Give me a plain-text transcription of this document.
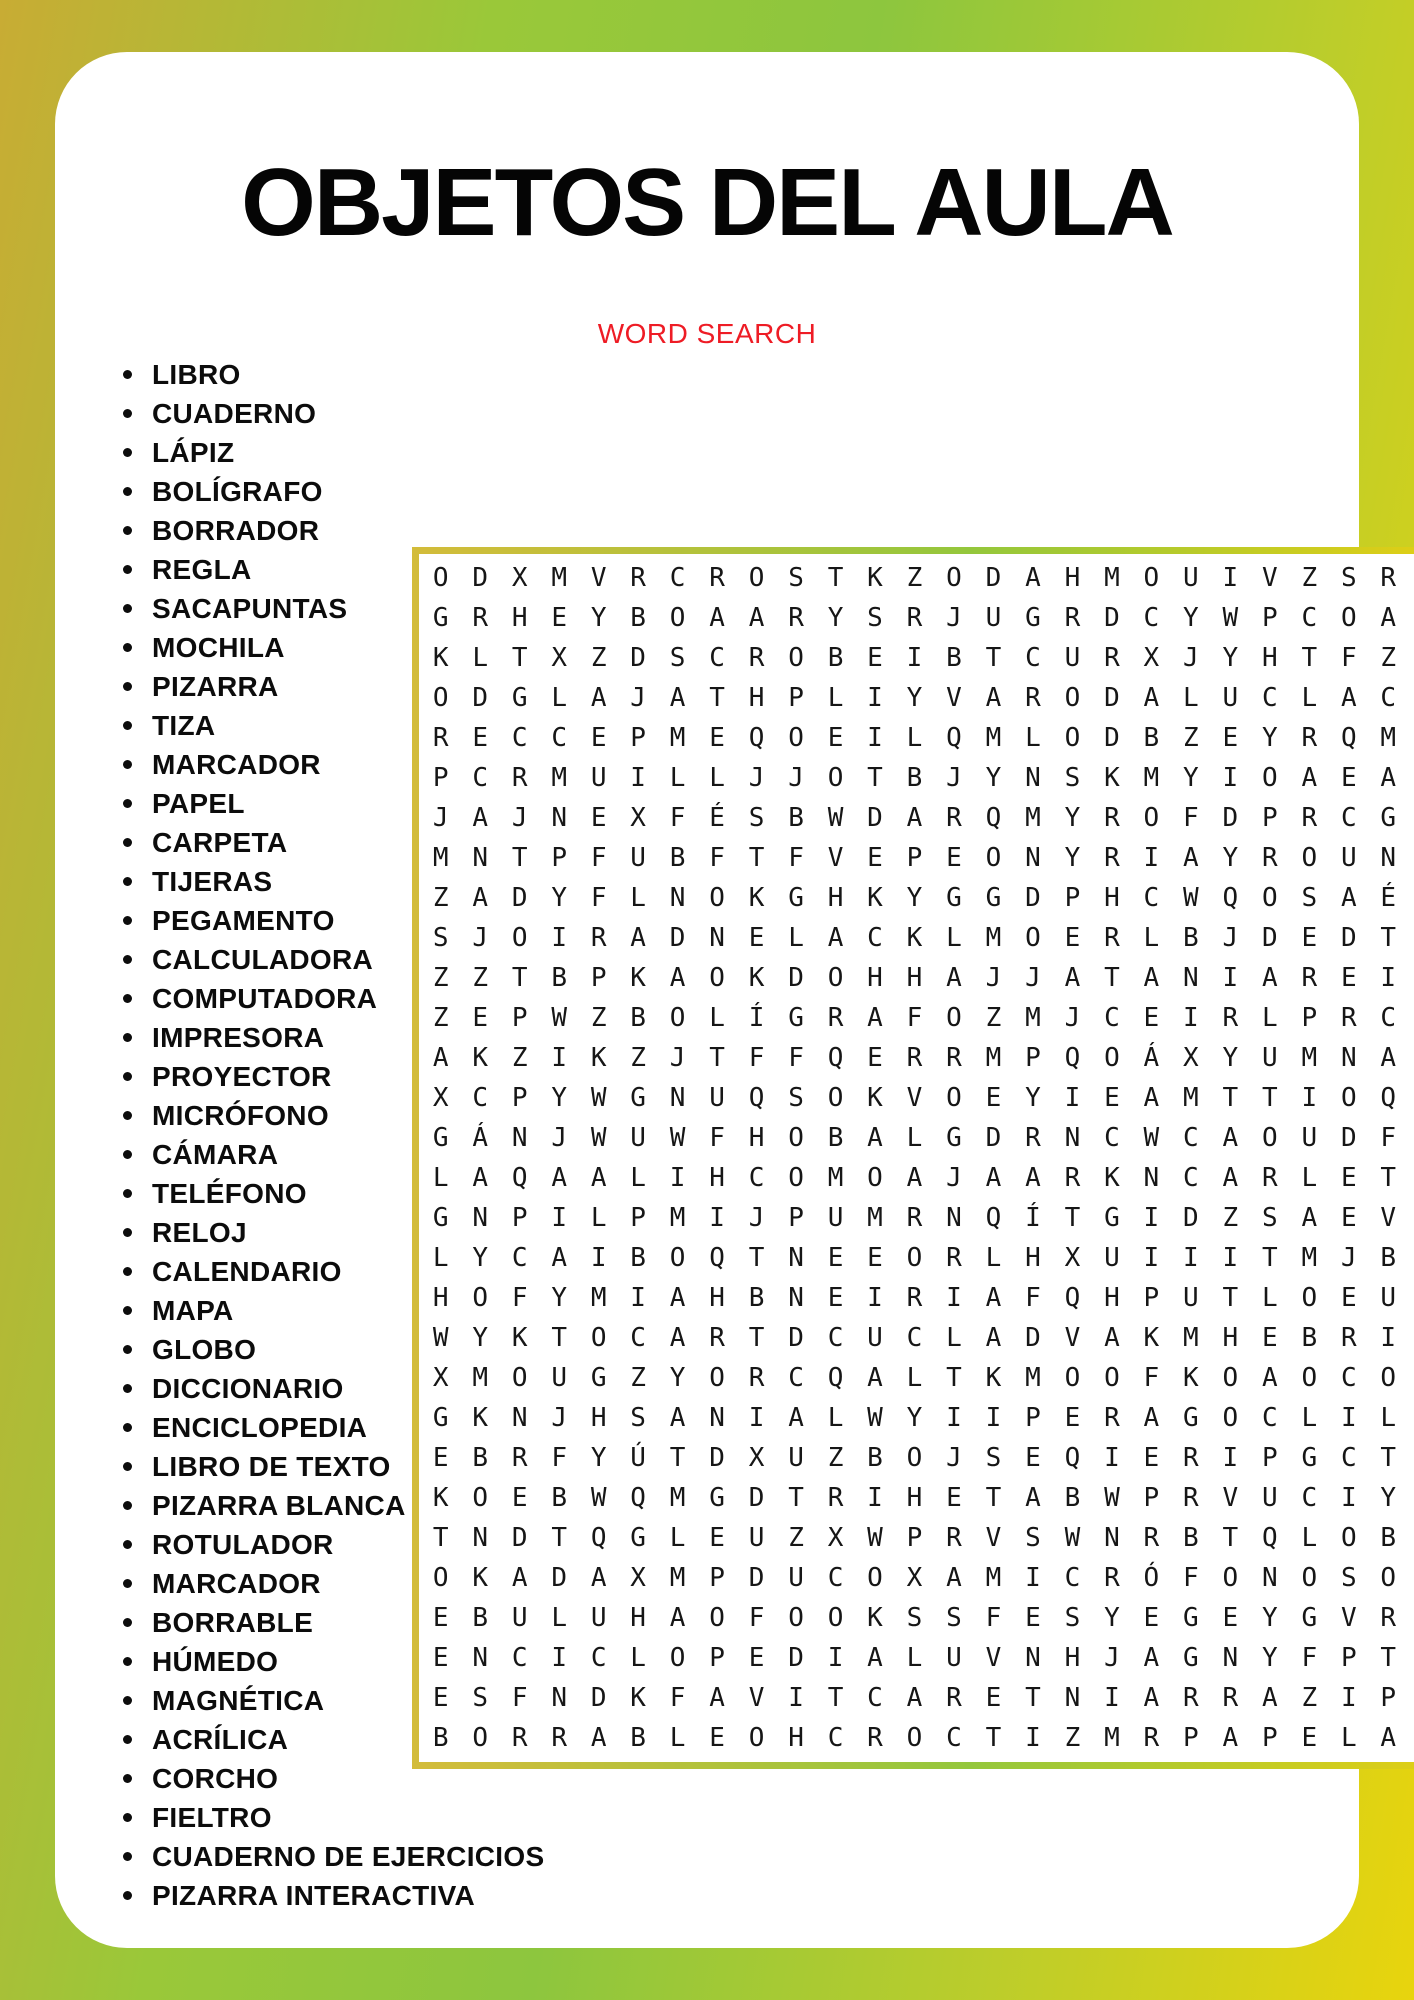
OBJETOS DEL AULA
WORD SEARCH
LIBRO
CUADERNO
LÁPIZ
BOLÍGRAFO
BORRADOR
REGLA
SACAPUNTAS
MOCHILA
PIZARRA
TIZA
MARCADOR
PAPEL
CARPETA
TIJERAS
PEGAMENTO
CALCULADORA
COMPUTADORA
IMPRESORA
PROYECTOR
MICRÓFONO
CÁMARA
TELÉFONO
RELOJ
CALENDARIO
MAPA
GLOBO
DICCIONARIO
ENCICLOPEDIA
LIBRO DE TEXTO
PIZARRA BLANCA
ROTULADOR
MARCADOR
BORRABLE
HÚMEDO
MAGNÉTICA
ACRÍLICA
CORCHO
FIELTRO
CUADERNO DE EJERCICIOS
PIZARRA INTERACTIVA
O D X M V R C R O S T K Z O D A H M O U I V Z S R
G R H E Y B O A A R Y S R J U G R D C Y W P C O A
K L T X Z D S C R O B E I B T C U R X J Y H T F Z
O D G L A J A T H P L I Y V A R O D A L U C L A C
R E C C E P M E Q O E I L Q M L O D B Z E Y R Q M
P C R M U I L L J J O T B J Y N S K M Y I O A E A
J A J N E X F É S B W D A R Q M Y R O F D P R C G
M N T P F U B F T F V E P E O N Y R I A Y R O U N
Z A D Y F L N O K G H K Y G G D P H C W Q O S A É
S J O I R A D N E L A C K L M O E R L B J D E D T
Z Z T B P K A O K D O H H A J J A T A N I A R E I
Z E P W Z B O L Í G R A F O Z M J C E I R L P R C
A K Z I K Z J T F F Q E R R M P Q O Á X Y U M N A
X C P Y W G N U Q S O K V O E Y I E A M T T I O Q
G Á N J W U W F H O B A L G D R N C W C A O U D F
L A Q A A L I H C O M O A J A A R K N C A R L E T
G N P I L P M I J P U M R N Q Í T G I D Z S A E V
L Y C A I B O Q T N E E O R L H X U I I I T M J B
H O F Y M I A H B N E I R I A F Q H P U T L O E U
W Y K T O C A R T D C U C L A D V A K M H E B R I
X M O U G Z Y O R C Q A L T K M O O F K O A O C O
G K N J H S A N I A L W Y I I P E R A G O C L I L
E B R F Y Ú T D X U Z B O J S E Q I E R I P G C T
K O E B W Q M G D T R I H E T A B W P R V U C I Y
T N D T Q G L E U Z X W P R V S W N R B T Q L O B
O K A D A X M P D U C O X A M I C R Ó F O N O S O
E B U L U H A O F O O K S S F E S Y E G E Y G V R
E N C I C L O P E D I A L U V N H J A G N Y F P T
E S F N D K F A V I T C A R E T N I A R R A Z I P
B O R R A B L E O H C R O C T I Z M R P A P E L A
